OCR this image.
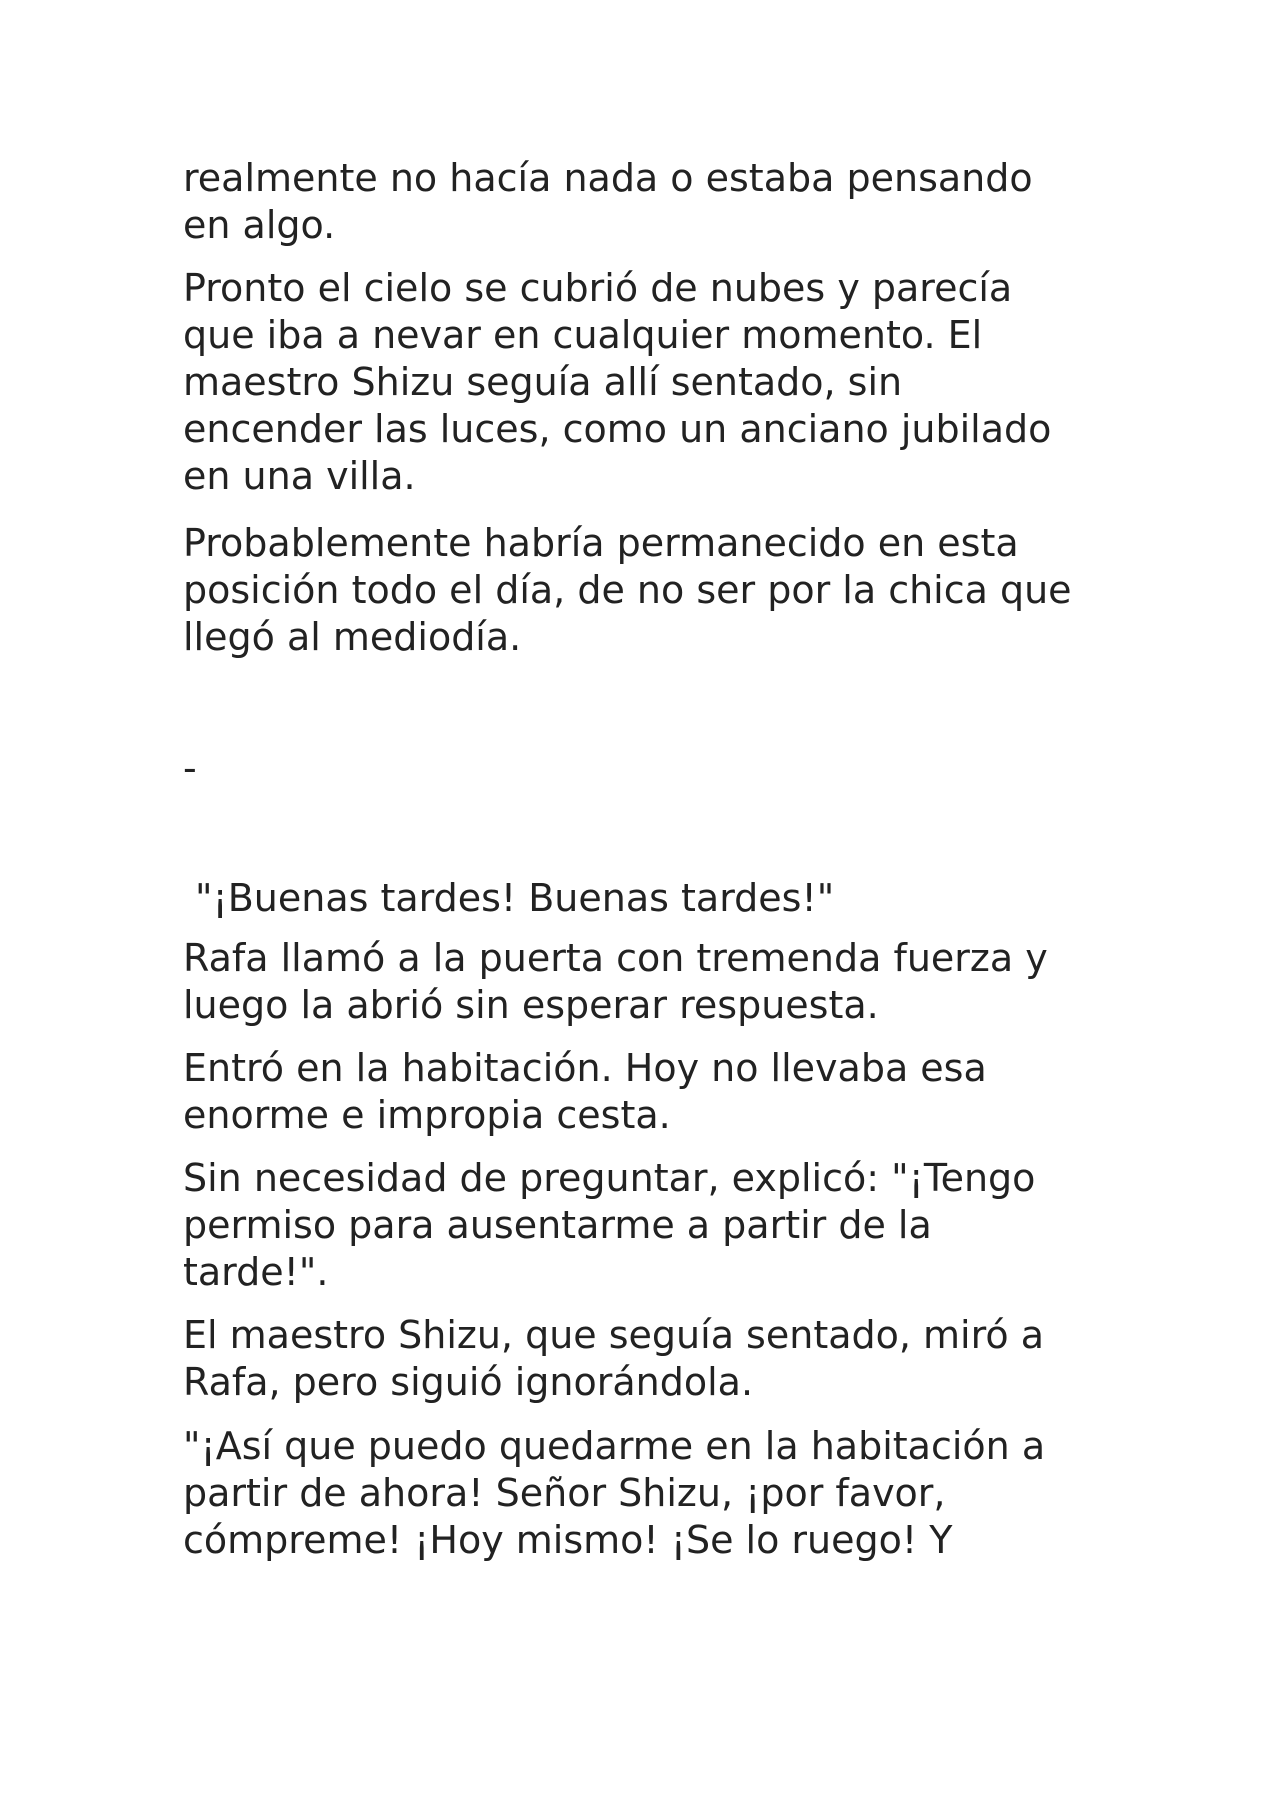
realmente no hacía nada o estaba pensando
en algo.

Pronto el cielo se cubrió de nubes y parecía
que iba a nevar en cualquier momento. El
maestro Shizu seguía allí sentado, sin
encender las luces, como un anciano jubilado
en una villa.

Probablemente habría permanecido en esta
posición todo el día, de no ser por la chica que
llegó al mediodía.

-

"¡Buenas tardes! Buenas tardes!"

Rafa llamó a la puerta con tremenda fuerza y
luego la abrió sin esperar respuesta.

Entró en la habitación. Hoy no llevaba esa
enorme e impropia cesta.

Sin necesidad de preguntar, explicó: "¡Tengo
permiso para ausentarme a partir de la
tarde!".

El maestro Shizu, que seguía sentado, miró a
Rafa, pero siguió ignorándola.

"¡Así que puedo quedarme en la habitación a
partir de ahora! Señor Shizu, ¡por favor,
cómpreme! ¡Hoy mismo! ¡Se lo ruego! Y
